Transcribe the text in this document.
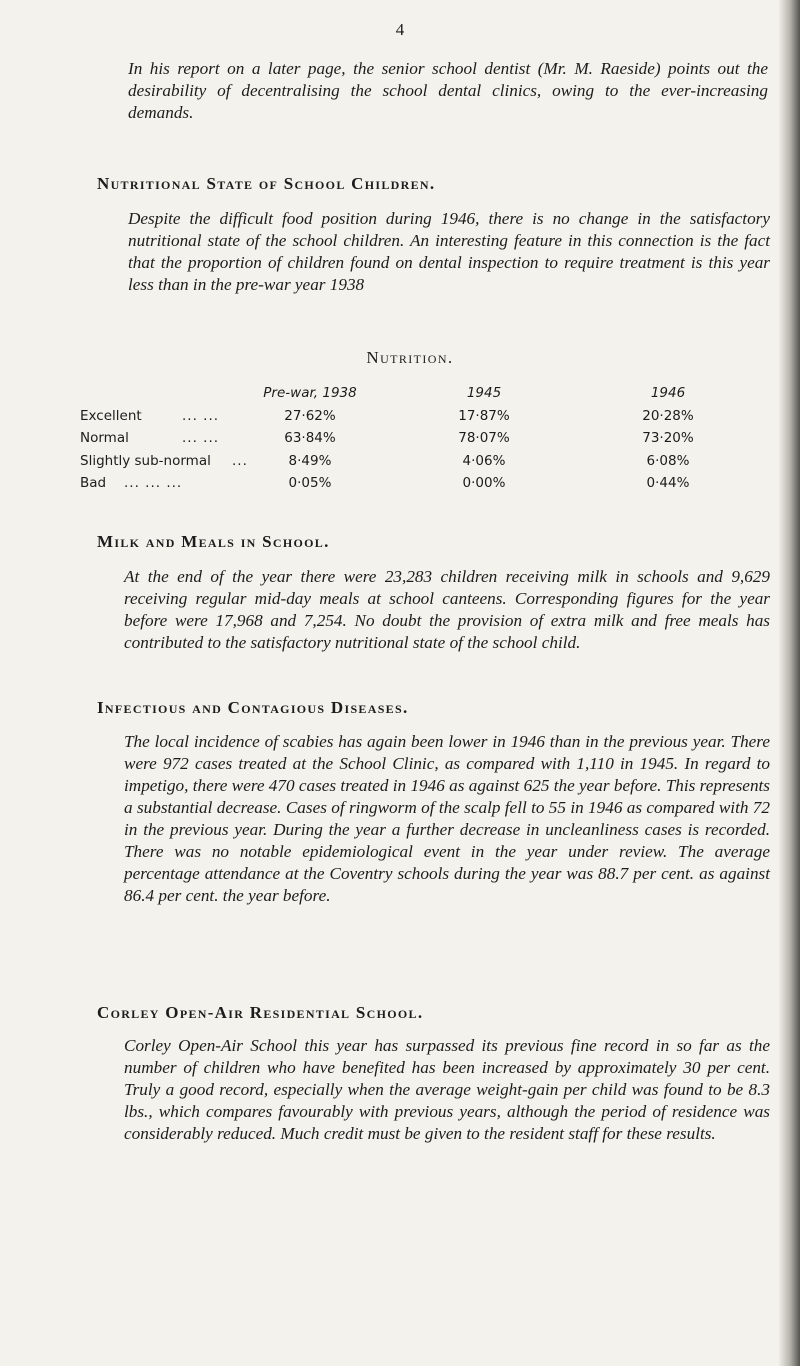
4

In his report on a later page, the senior school dentist (Mr. M. Raeside) points out the desirability of decentralising the school dental clinics, owing to the ever-increasing demands.

Nutritional State of School Children.

Despite the difficult food position during 1946, there is no change in the satisfactory nutritional state of the school children. An interesting feature in this connection is the fact that the proportion of children found on dental inspection to require treatment is this year less than in the pre-war year 1938

Nutrition.
Pre-war, 1938	1945	1946
Excellent	... ...	27·62%	17·87%	20·28%
Normal	... ...	63·84%	78·07%	73·20%
Slightly sub-normal ...	8·49%	4·06%	6·08%
Bad ... ... ...	0·05%	0·00%	0·44%
Milk and Meals in School.

At the end of the year there were 23,283 children receiving milk in schools and 9,629 receiving regular mid-day meals at school canteens. Corresponding figures for the year before were 17,968 and 7,254. No doubt the provision of extra milk and free meals has contributed to the satisfactory nutritional state of the school child.

Infectious and Contagious Diseases.

The local incidence of scabies has again been lower in 1946 than in the previous year. There were 972 cases treated at the School Clinic, as compared with 1,110 in 1945. In regard to impetigo, there were 470 cases treated in 1946 as against 625 the year before. This represents a substantial decrease. Cases of ringworm of the scalp fell to 55 in 1946 as compared with 72 in the previous year. During the year a further decrease in uncleanliness cases is recorded. There was no notable epidemiological event in the year under review. The average percentage attendance at the Coventry schools during the year was 88.7 per cent. as against 86.4 per cent. the year before.

Corley Open-Air Residential School.

Corley Open-Air School this year has surpassed its previous fine record in so far as the number of children who have benefited has been increased by approximately 30 per cent. Truly a good record, especially when the average weight-gain per child was found to be 8.3 lbs., which compares favourably with previous years, although the period of residence was considerably reduced. Much credit must be given to the resident staff for these results.
